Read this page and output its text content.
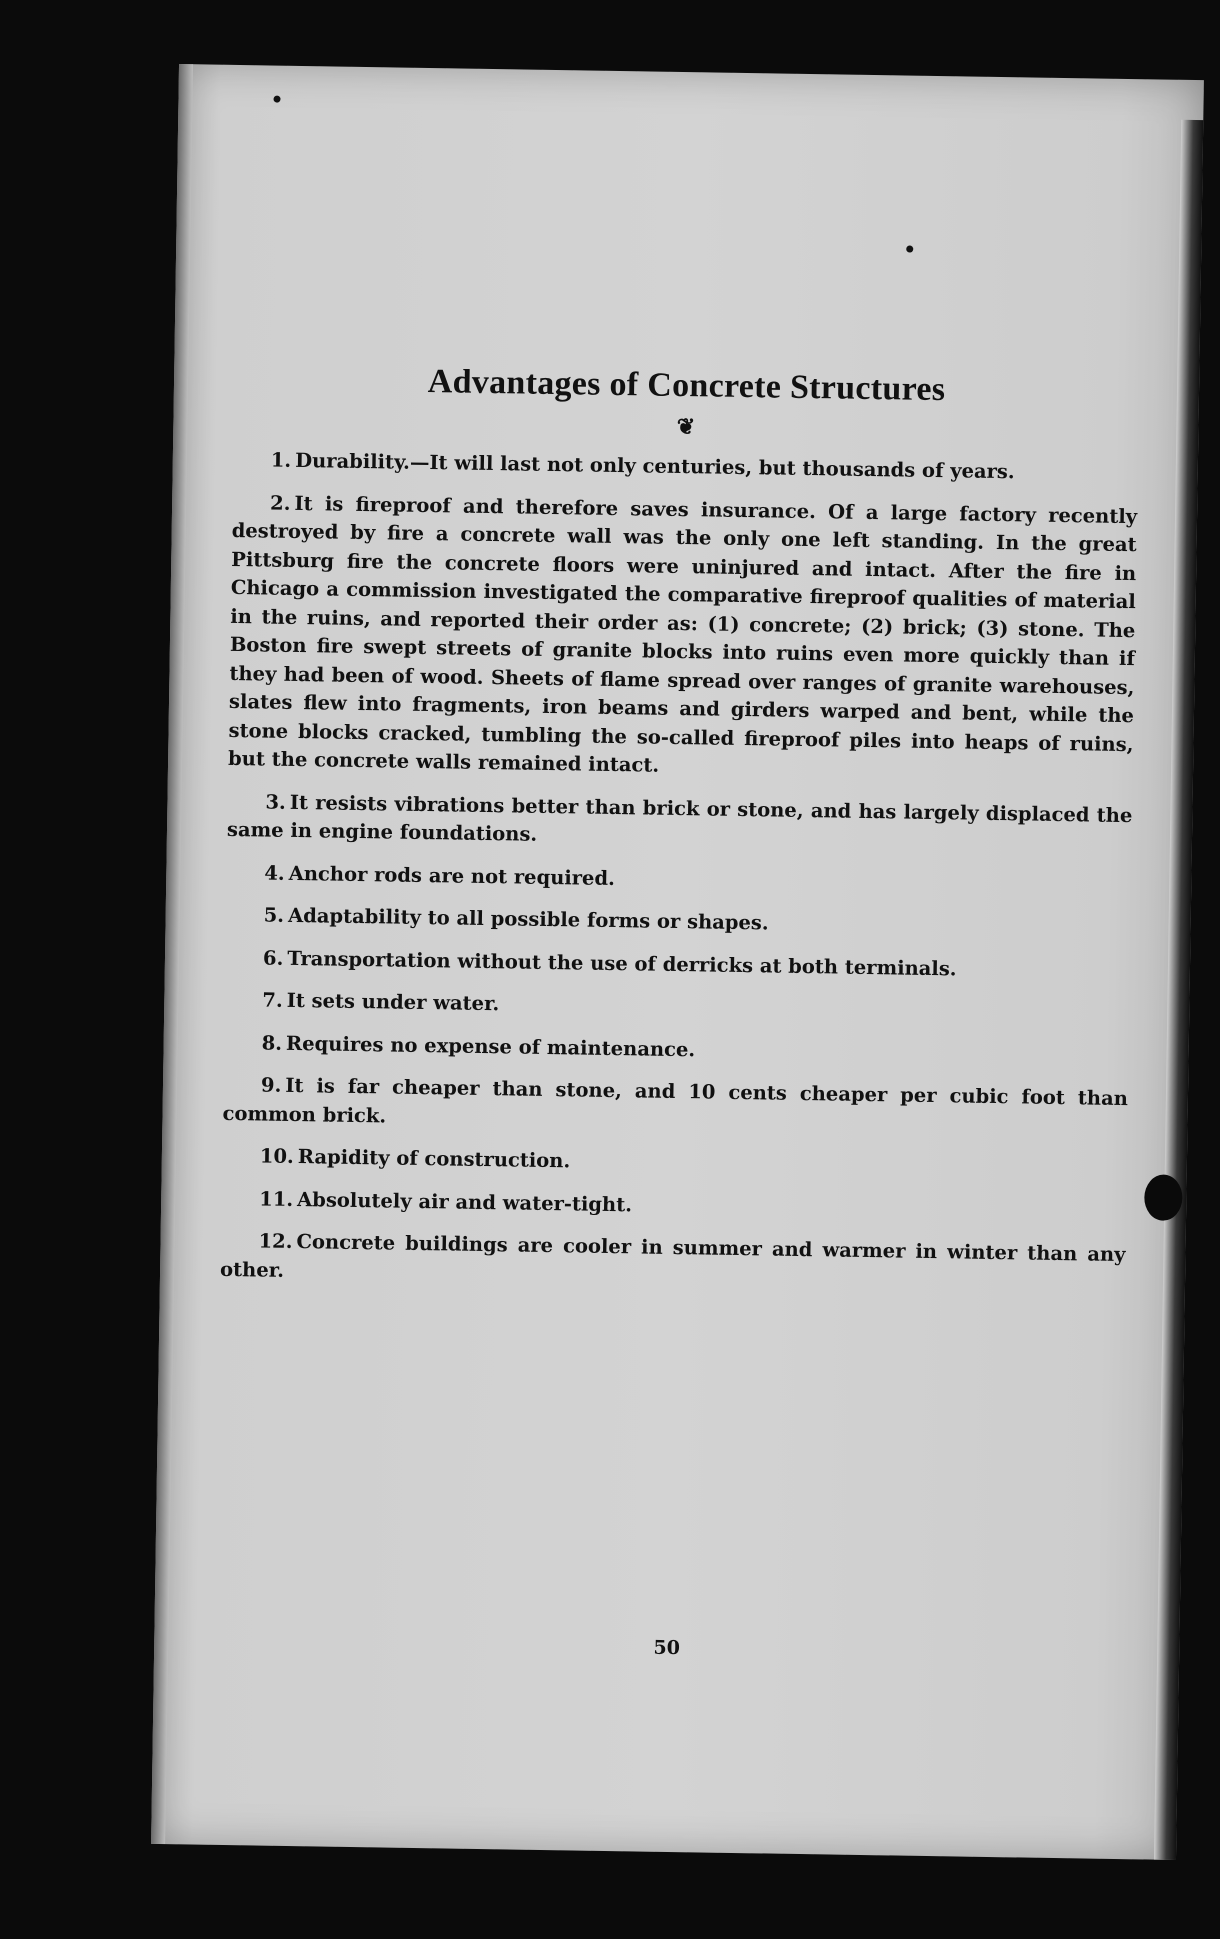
Advantages of Concrete Structures
❦

1. Durability.—It will last not only centuries, but thousands of years.

2. It is fireproof and therefore saves insurance. Of a large factory recently destroyed by fire a concrete wall was the only one left standing. In the great Pittsburg fire the concrete floors were uninjured and intact. After the fire in Chicago a commission investigated the comparative fireproof qualities of material in the ruins, and reported their order as: (1) concrete; (2) brick; (3) stone. The Boston fire swept streets of granite blocks into ruins even more quickly than if they had been of wood. Sheets of flame spread over ranges of granite warehouses, slates flew into fragments, iron beams and girders warped and bent, while the stone blocks cracked, tumbling the so-called fireproof piles into heaps of ruins, but the concrete walls remained intact.

3. It resists vibrations better than brick or stone, and has largely displaced the same in engine foundations.

4. Anchor rods are not required.

5. Adaptability to all possible forms or shapes.

6. Transportation without the use of derricks at both terminals.

7. It sets under water.

8. Requires no expense of maintenance.

9. It is far cheaper than stone, and 10 cents cheaper per cubic foot than common brick.

10. Rapidity of construction.

11. Absolutely air and water-tight.

12. Concrete buildings are cooler in summer and warmer in winter than any other.

50
